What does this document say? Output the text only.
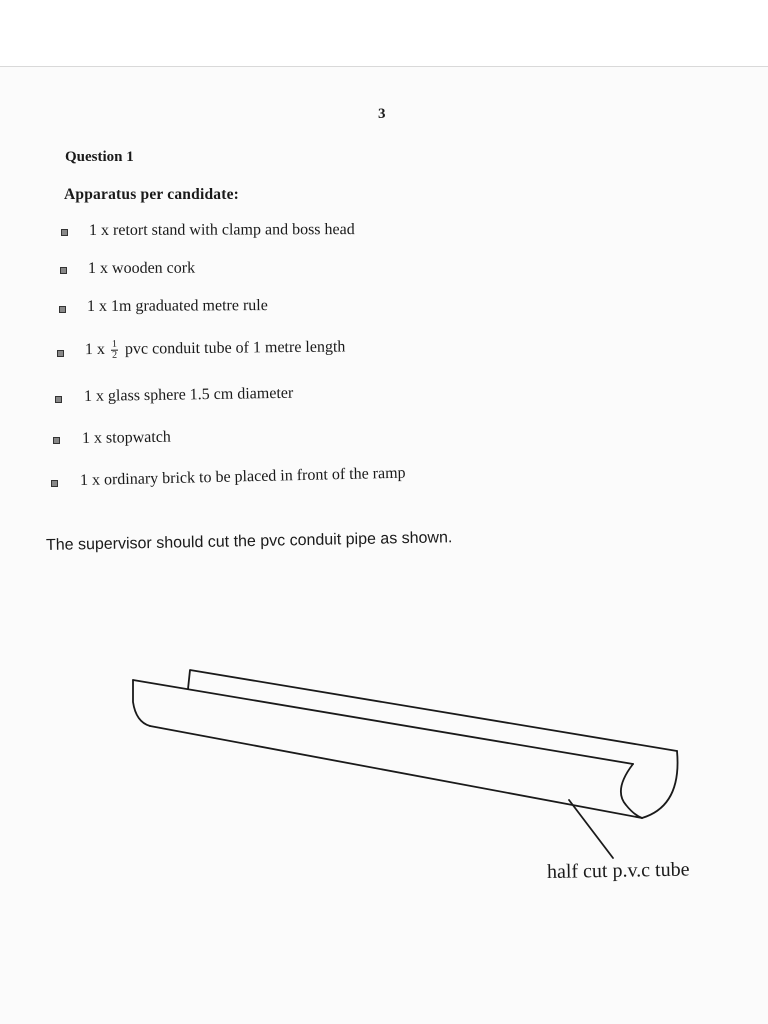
3
Question 1
Apparatus per candidate:
1 x retort stand with clamp and boss head
1 x wooden cork
1 x 1m graduated metre rule
1 x $\frac{1}{2}$ pvc conduit tube of 1 metre length
1 x glass sphere 1.5 cm diameter
1 x stopwatch
1 x ordinary brick to be placed in front of the ramp
The supervisor should cut the pvc conduit pipe as shown.
half cut p.v.c tube
